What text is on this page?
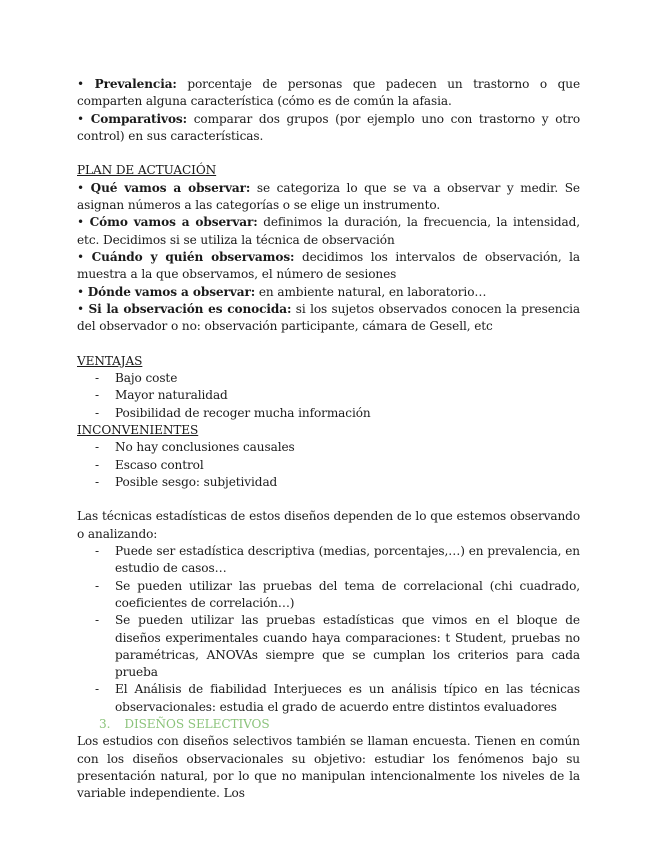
• Prevalencia: porcentaje de personas que padecen un trastorno o que comparten alguna característica (cómo es de común la afasia.

• Comparativos: comparar dos grupos (por ejemplo uno con trastorno y otro control) en sus características.

PLAN DE ACTUACIÓN

• Qué vamos a observar: se categoriza lo que se va a observar y medir. Se asignan números a las categorías o se elige un instrumento.

• Cómo vamos a observar: definimos la duración, la frecuencia, la intensidad, etc. Decidimos si se utiliza la técnica de observación

• Cuándo y quién observamos: decidimos los intervalos de observación, la muestra a la que observamos, el número de sesiones

• Dónde vamos a observar: en ambiente natural, en laboratorio…

• Si la observación es conocida: si los sujetos observados conocen la presencia del observador o no: observación participante, cámara de Gesell, etc

VENTAJAS

- Bajo coste
- Mayor naturalidad
- Posibilidad de recoger mucha información

INCONVENIENTES

- No hay conclusiones causales
- Escaso control
- Posible sesgo: subjetividad

Las técnicas estadísticas de estos diseños dependen de lo que estemos observando o analizando:

- Puede ser estadística descriptiva (medias, porcentajes,…) en prevalencia, en estudio de casos…
- Se pueden utilizar las pruebas del tema de correlacional (chi cuadrado, coeficientes de correlación…)
- Se pueden utilizar las pruebas estadísticas que vimos en el bloque de diseños experimentales cuando haya comparaciones: t Student, pruebas no paramétricas, ANOVAs siempre que se cumplan los criterios para cada prueba
- El Análisis de fiabilidad Interjueces es un análisis típico en las técnicas observacionales: estudia el grado de acuerdo entre distintos evaluadores

3. DISEÑOS SELECTIVOS

Los estudios con diseños selectivos también se llaman encuesta. Tienen en común con los diseños observacionales su objetivo: estudiar los fenómenos bajo su presentación natural, por lo que no manipulan intencionalmente los niveles de la variable independiente. Los
